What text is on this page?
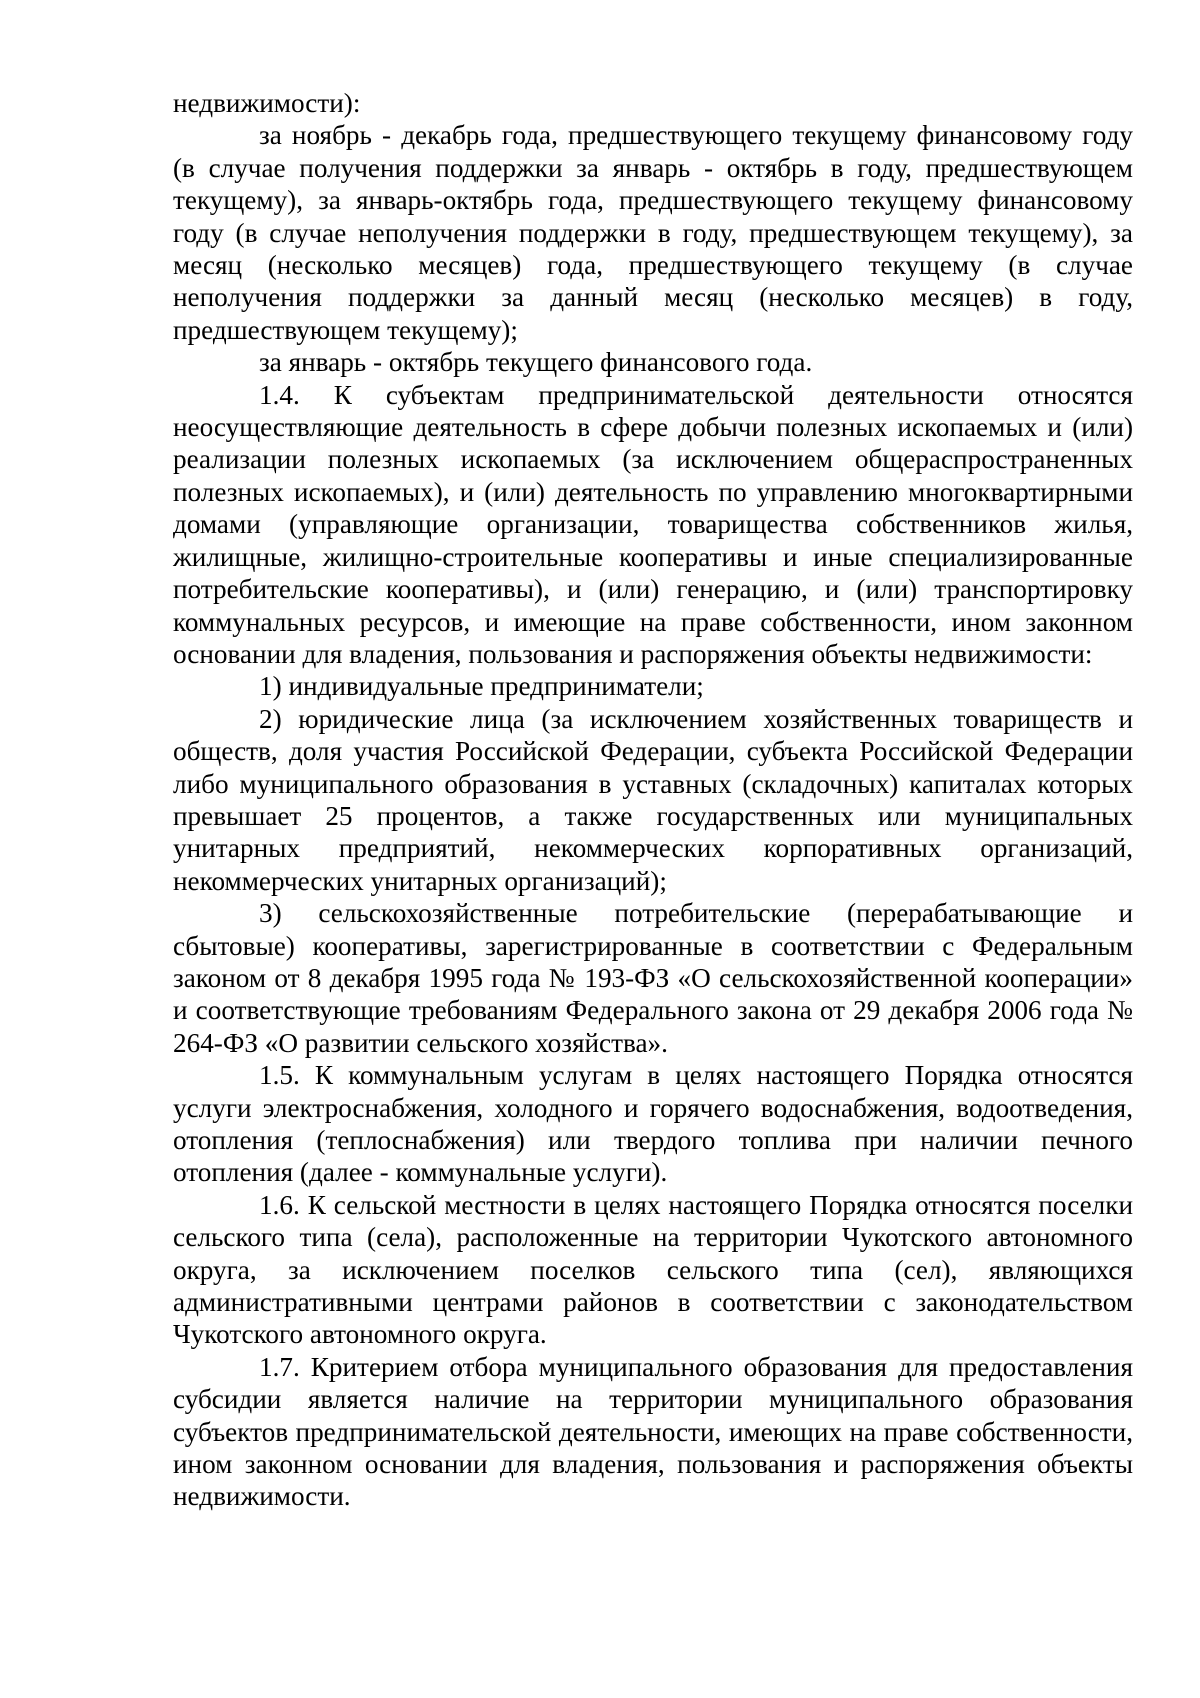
недвижимости):

за ноябрь - декабрь года, предшествующего текущему финансовому году (в случае получения поддержки за январь - октябрь в году, предшествующем текущему), за январь-октябрь года, предшествующего текущему финансовому году (в случае неполучения поддержки в году, предшествующем текущему), за месяц (несколько месяцев) года, предшествующего текущему (в случае неполучения поддержки за данный месяц (несколько месяцев) в году, предшествующем текущему);

за январь - октябрь текущего финансового года.

1.4. К субъектам предпринимательской деятельности относятся неосуществляющие деятельность в сфере добычи полезных ископаемых и (или) реализации полезных ископаемых (за исключением общераспространенных полезных ископаемых), и (или) деятельность по управлению многоквартирными домами (управляющие организации, товарищества собственников жилья, жилищные, жилищно-строительные кооперативы и иные специализированные потребительские кооперативы), и (или) генерацию, и (или) транспортировку коммунальных ресурсов, и имеющие на праве собственности, ином законном основании для владения, пользования и распоряжения объекты недвижимости:

1) индивидуальные предприниматели;

2) юридические лица (за исключением хозяйственных товариществ и обществ, доля участия Российской Федерации, субъекта Российской Федерации либо муниципального образования в уставных (складочных) капиталах которых превышает 25 процентов, а также государственных или муниципальных унитарных предприятий, некоммерческих корпоративных организаций, некоммерческих унитарных организаций);

3) сельскохозяйственные потребительские (перерабатывающие и сбытовые) кооперативы, зарегистрированные в соответствии с Федеральным законом от 8 декабря 1995 года № 193-ФЗ «О сельскохозяйственной кооперации» и соответствующие требованиям Федерального закона от 29 декабря 2006 года № 264-ФЗ «О развитии сельского хозяйства».

1.5. К коммунальным услугам в целях настоящего Порядка относятся услуги электроснабжения, холодного и горячего водоснабжения, водоотведения, отопления (теплоснабжения) или твердого топлива при наличии печного отопления (далее - коммунальные услуги).

1.6. К сельской местности в целях настоящего Порядка относятся поселки сельского типа (села), расположенные на территории Чукотского автономного округа, за исключением поселков сельского типа (сел), являющихся административными центрами районов в соответствии с законодательством Чукотского автономного округа.

1.7. Критерием отбора муниципального образования для предоставления субсидии является наличие на территории муниципального образования субъектов предпринимательской деятельности, имеющих на праве собственности, ином законном основании для владения, пользования и распоряжения объекты недвижимости.
